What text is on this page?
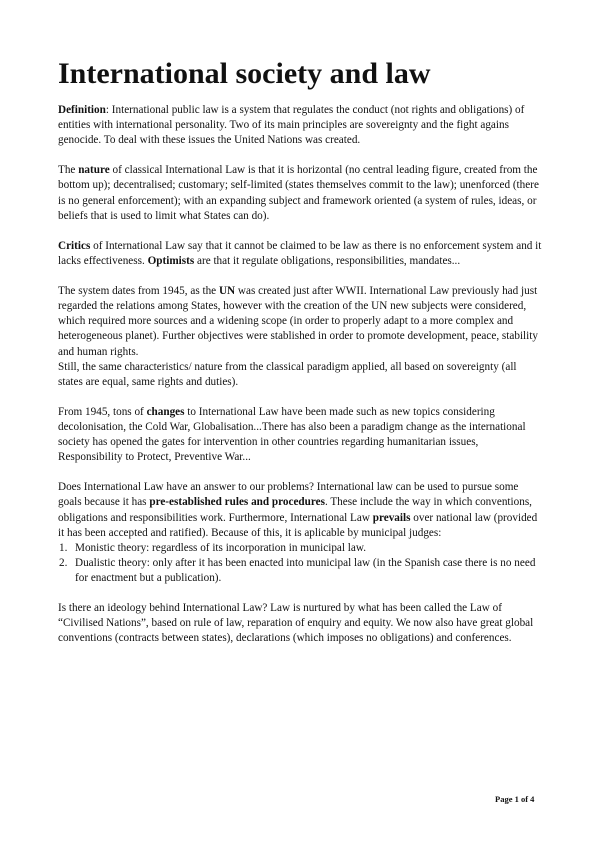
International society and law

Definition: International public law is a system that regulates the conduct (not rights and obligations) of entities with international personality. Two of its main principles are sovereignty and the fight agains genocide. To deal with these issues the United Nations was created.

The nature of classical International Law is that it is horizontal (no central leading figure, created from the bottom up); decentralised; customary; self-limited (states themselves commit to the law); unenforced (there is no general enforcement); with an expanding subject and framework oriented (a system of rules, ideas, or beliefs that is used to limit what States can do).

Critics of International Law say that it cannot be claimed to be law as there is no enforcement system and it lacks effectiveness. Optimists are that it regulate obligations, responsibilities, mandates...

The system dates from 1945, as the UN was created just after WWII. International Law previously had just regarded the relations among States, however with the creation of the UN new subjects were considered, which required more sources and a widening scope (in order to properly adapt to a more complex and heterogeneous planet). Further objectives were stablished in order to promote development, peace, stability and human rights.

Still, the same characteristics/ nature from the classical paradigm applied, all based on sovereignty (all states are equal, same rights and duties).

From 1945, tons of changes to International Law have been made such as new topics considering decolonisation, the Cold War, Globalisation...There has also been a paradigm change as the international society has opened the gates for intervention in other countries regarding humanitarian issues, Responsibility to Protect, Preventive War...

Does International Law have an answer to our problems? International law can be used to pursue some goals because it has pre-established rules and procedures. These include the way in which conventions, obligations and responsibilities work. Furthermore, International Law prevails over national law (provided it has been accepted and ratified). Because of this, it is aplicable by municipal judges:

1. Monistic theory: regardless of its incorporation in municipal law.
2. Dualistic theory: only after it has been enacted into municipal law (in the Spanish case there is no need for enactment but a publication).

Is there an ideology behind International Law? Law is nurtured by what has been called the Law of “Civilised Nations”, based on rule of law, reparation of enquiry and equity. We now also have great global conventions (contracts between states), declarations (which imposes no obligations) and conferences.

Page 1 of 4
